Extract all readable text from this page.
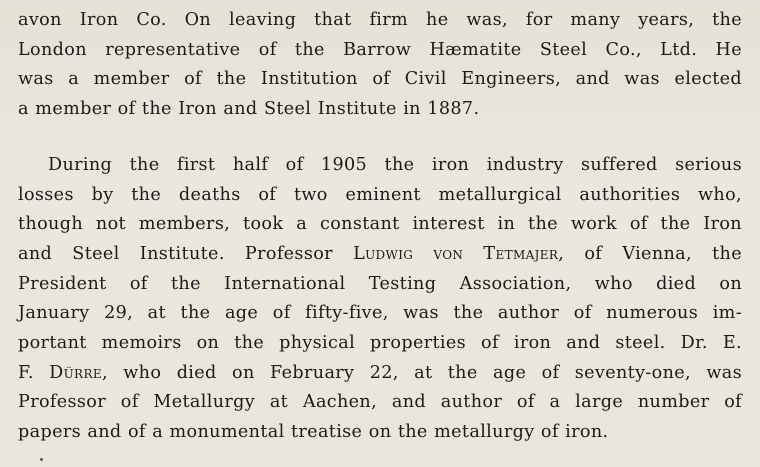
avon Iron Co. On leaving that firm he was, for many years, the
London representative of the Barrow Hæmatite Steel Co., Ltd. He
was a member of the Institution of Civil Engineers, and was elected
a member of the Iron and Steel Institute in 1887.

During the first half of 1905 the iron industry suffered serious
losses by the deaths of two eminent metallurgical authorities who,
though not members, took a constant interest in the work of the Iron
and Steel Institute. Professor Ludwig von Tetmajer, of Vienna, the
President of the International Testing Association, who died on
January 29, at the age of fifty-five, was the author of numerous im-
portant memoirs on the physical properties of iron and steel. Dr. E.
F. Dürre, who died on February 22, at the age of seventy-one, was
Professor of Metallurgy at Aachen, and author of a large number of
papers and of a monumental treatise on the metallurgy of iron.
